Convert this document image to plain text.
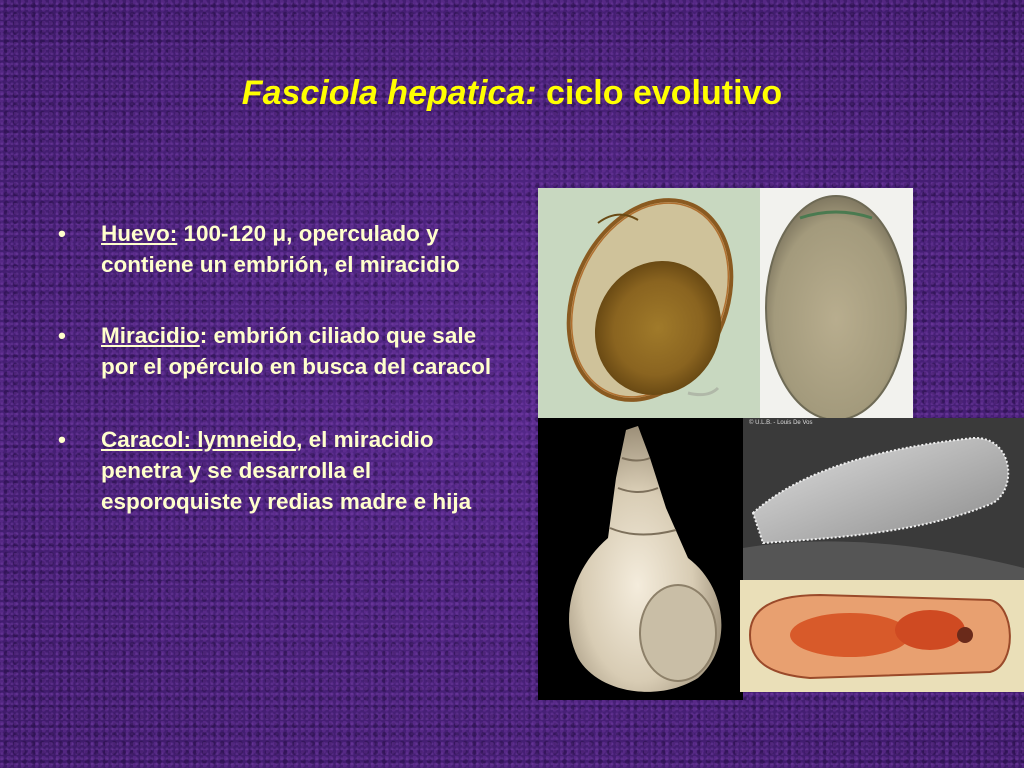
Fasciola hepatica: ciclo evolutivo
• Huevo: 100-120 μ, operculado y contiene un embrión, el miracidio
• Miracidio: embrión ciliado que sale por el opérculo en busca del caracol
• Caracol: lymneido, el miracidio penetra y se desarrolla el esporoquiste y redias madre e hija
© U.L.B. - Louis De Vos
